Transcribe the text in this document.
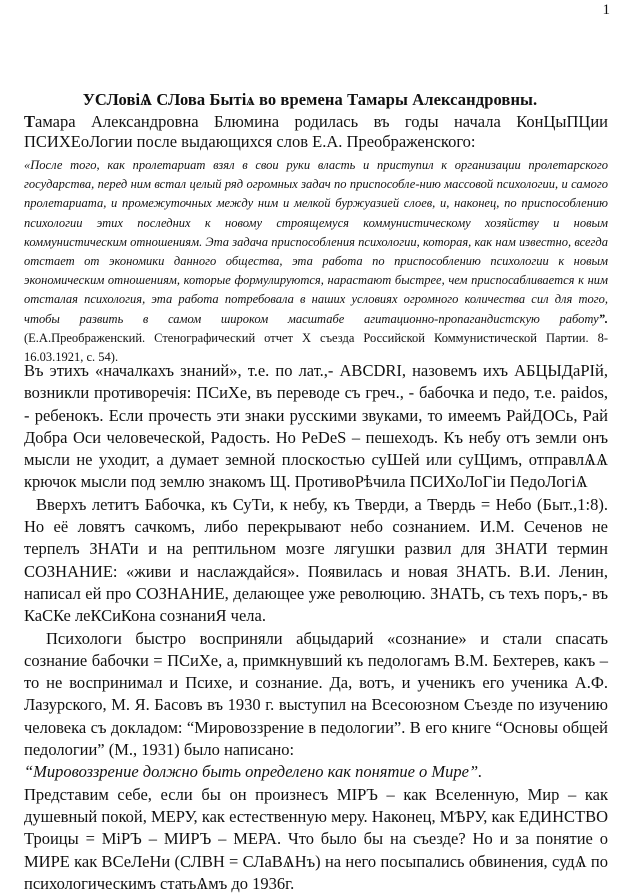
1
УСЛовiѦ СЛова Бытiѧ во времена Тамары Александровны.
Тамара Александровна Блюмина родилась въ годы начала КонЦыПЦии ПСИХЕоЛогии после выдающихся слов Е.А. Преображенского:
«После того, как пролетариат взял в свои руки власть и приступил к организации пролетарского государства, перед ним встал целый ряд огромных задач по приспособле-нию массовой психологии, и самого пролетариата, и промежуточных между ним и мелкой буржуазией слоев, и, наконец, по приспособлению психологии этих последних к новому строящемуся коммунистическому хозяйству и новым коммунистическим отношениям. Эта задача приспособления психологии, которая, как нам известно, всегда отстает от экономики данного общества, эта работа по приспособлению психологии к новым экономическим отношениям, которые формулируются, нарастают быстрее, чем приспосабливается к ним отсталая психология, эта работа потребовала в наших условиях огромного количества сил для того, чтобы развить в самом широком масштабе агитационно-пропагандистскую работу”. (Е.А.Преображенский. Стенографический отчет Х съезда Российской Коммунистической Партии. 8-16.03.1921, с. 54).

Въ этихъ «началкахъ знаний», т.е. по лат.,- ABCDRI, назовемъ ихъ АБЦЫДаРIй, возникли противоречiя: ПСиХе, въ переводе съ греч., - бабочка и педо, т.е. paidos, - ребенокъ. Если прочесть эти знаки русскими звуками, то имеемъ РайДОСь, Рай Добра Оси человеческой, Радость. Но PeDeS – пешеходъ. Къ небу отъ земли онъ мысли не уходит, а думает земной плоскостью суШей или суЩимъ, отправлѦѦ крючок мысли под землю знакомъ Щ. ПротивоРѣчила ПСИХоЛоГiи ПедоЛогiѦ

Вверхъ летитъ Бабочка, къ СуТи, к небу, къ Тверди, а Твердь = Небо (Быт.,1:8). Но её ловятъ сачкомъ, либо перекрывают небо сознанием. И.М. Сеченов не терпелъ ЗНАТи и на рептильном мозге лягушки развил для ЗНАТИ термин СОЗНАНИЕ: «живи и наслаждайся». Появилась и новая ЗНАТЬ. В.И. Ленин, написал ей про СОЗНАНИЕ, делающее уже революцию. ЗНАТЬ, съ техъ поръ,- въ КаСКе леКСиКона сознаниЯ чела.

Психологи быстро восприняли абцыдарий «сознание» и стали спасать сознание бабочки = ПСиХе, а, примкнувший къ педологамъ В.М. Бехтерев, какъ – то не воспринимал и Психе, и сознание. Да, вотъ, и ученикъ его ученика А.Ф. Лазурского, М. Я. Басовъ въ 1930 г. выступил на Всесоюзном Съезде по изучению человека съ докладом: “Мировоззрение в педологии”. В его книге “Основы общей педологии” (М., 1931) было написано:

“Мировоззрение должно быть определено как понятие о Мире”.

Представим себе, если бы он произнесъ МIРЪ – как Вселенную, Мир – как душевный покой, МЕРУ, как естественную меру. Наконец, МѢРУ, как ЕДИНСТВО Троицы = МiРЪ – МИРЪ – МЕРА. Что было бы на съезде? Но и за понятие о МИРЕ как ВСеЛеНи (СЛВН = СЛаВѦНъ) на него посыпались обвинения, судѦ по психологическимъ статьѦмъ до 1936г.
